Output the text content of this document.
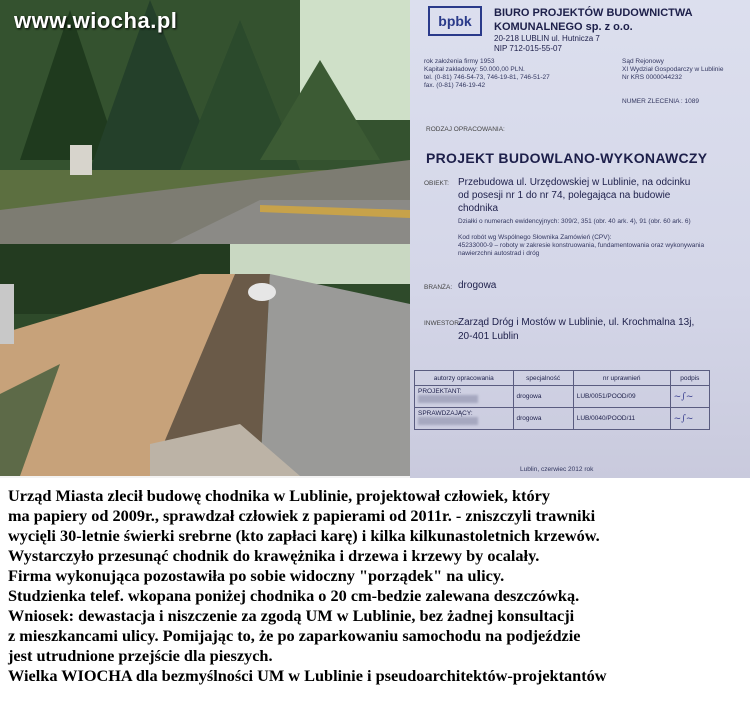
www.wiocha.pl	bpbk	BIURO PROJEKTÓW BUDOWNICTWA
KOMUNALNEGO sp. z o.o.
20-218 LUBLIN ul. Hutnicza 7
NIP 712-015-55-07
rok założenia firmy 1953
Kapitał zakładowy: 50.000,00 PLN.
tel. (0-81) 746-54-73, 746-19-81, 746-51-27
fax. (0-81) 746-19-42
Sąd Rejonowy
XI Wydział Gospodarczy w Lublinie
Nr KRS 0000044232
NUMER ZLECENIA : 1089
RODZAJ OPRACOWANIA:
PROJEKT BUDOWLANO-WYKONAWCZY
OBIEKT: Przebudowa ul. Urzędowskiej w Lublinie, na odcinku
od posesji nr 1 do nr 74, polegająca na budowie
chodnika
Działki o numerach ewidencyjnych: 309/2, 351 (obr. 40 ark. 4), 91 (obr. 60 ark. 6)
Kod robót wg Wspólnego Słownika Zamówień (CPV):
45233000-9 – roboty w zakresie konstruowania, fundamentowania oraz wykonywania
nawierzchni autostrad i dróg
BRANŻA: drogowa
INWESTOR:
Zarząd Dróg i Mostów w Lublinie, ul. Krochmalna 13j,
20-401 Lublin
autorzy opracowania	specjalność	nr uprawnień	podpis

PROJEKTANT:	drogowa	LUB/0051/POOD/09	~∫~

SPRAWDZAJĄCY:	drogowa	LUB/0040/POOD/11	~∫~
Lublin, czerwiec 2012 rok
Urząd Miasta zlecił budowę chodnika w Lublinie, projektował człowiek, który
ma papiery od 2009r., sprawdzał człowiek z papierami od 2011r. - zniszczyli trawniki
wycięli 30-letnie świerki srebrne (kto zapłaci karę) i kilka kilkunastoletnich krzewów.
Wystarczyło przesunąć chodnik do krawężnika i drzewa i krzewy by ocalały.
Firma wykonująca pozostawiła po sobie widoczny "porządek" na ulicy.
Studzienka telef. wkopana poniżej chodnika o 20 cm-bedzie zalewana deszczówką.
Wniosek: dewastacja i niszczenie za zgodą UM w Lublinie, bez żadnej konsultacji
z mieszkancami ulicy. Pomijając to, że po zaparkowaniu samochodu na podjeździe
jest utrudnione przejście dla pieszych.
Wielka WIOCHA dla bezmyślności UM w Lublinie i pseudoarchitektów-projektantów
